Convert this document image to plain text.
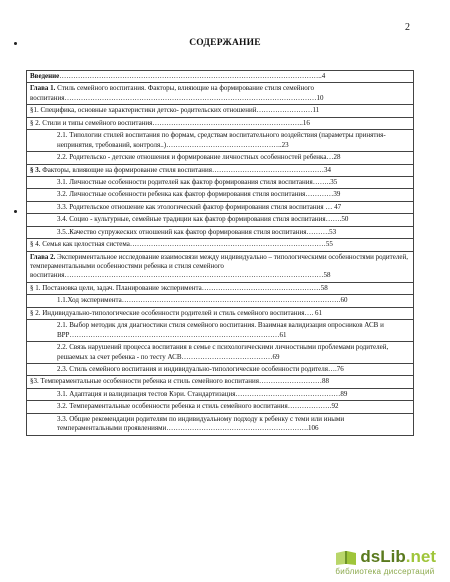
2
СОДЕРЖАНИЕ
Введение…………………………………………………………………………………………………..4
Глава 1. Стиль семейного воспитания. Факторы, влияющие на формирование стиля семейного воспитания………………………………………………………………………………………………10
§1. Специфика, основные характеристики детско- родительских отношений……………………11
§ 2. Стили и типы семейного воспитания………………………………………………………..16
2.1. Типологии стилей воспитания по формам, средствам воспитательного воздействия (параметры принятия-непринятия, требований, контроля..)…………………………………………..23
2.2. Родительско - детские отношения и формирование личностных особенностей ребенка…28
§ 3. Факторы, влияющие на формирование стиля воспитания…………………………………………34
3.1. Личностные особенности родителей как фактор формирования стиля воспитания……..35
3.2. Личностные особенности ребенка как фактор формирования стиля воспитания…………39
3.3. Родительское отношение как этологический фактор формирования стиля воспитания … 47
3.4. Социо - культурные, семейные традиции как фактор формирования стиля воспитания…….50
3.5..Качество супружеских отношений как фактор формирования стиля воспитания……….53
§ 4. Семья как целостная система…………………………………………………………………………55
Глава 2. Экспериментальное исследование взаимосвязи между индивидуально – типологическими особенностями родителей, темпераментальными особенностями ребенка и стиля семейного воспитания…………………………………………………………………………………………………58
§ 1. Постановка цели, задач. Планирование эксперимента……………………………………………58
1.1.Ход эксперимента………………………………………………………………………………….60
§ 2. Индивидуально-типологические особенности родителей и стиль семейного воспитания…. 61
2.1. Выбор методик для диагностики стиля семейного воспитания. Взаимная валидизация опросников АСВ и ВРР………………………………………………………………………………61
2.2. Связь нарушений процесса воспитания в семье с психологическими личностными проблемами родителей, решаемых за счет ребенка - по тесту АСВ…………………………………69
2.3. Стиль семейного воспитания и индивидуально-типологические особенности родителя….76
§3. Темпераментальные особенности ребенка и стиль семейного воспитания………………………88
3.1. Адаптация и валидизация тестов Кэри. Стандартизация………………………………………89
3.2. Темпераментальные особенности ребенка и стиль семейного воспитания……………….92
3.3. Общие рекомендации родителям по индивидуальному подходу к ребенку с теми или иными темпераментальными проявлениями…………………………………………………….106
dsLib.net
библиотека диссертаций
